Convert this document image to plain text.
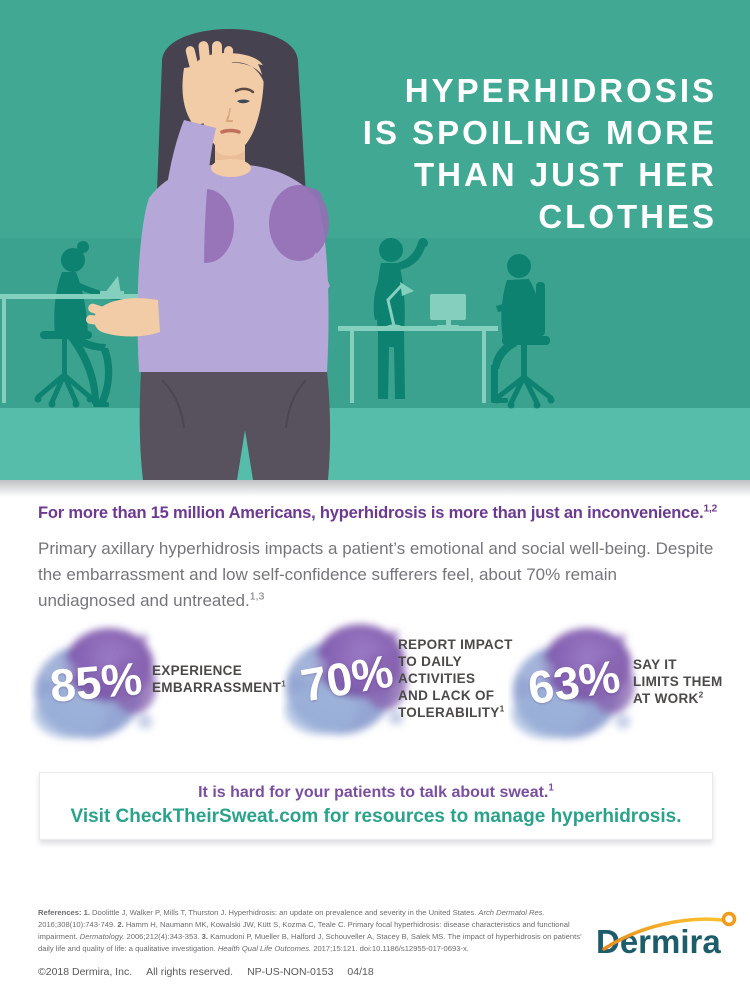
HYPERHIDROSIS
IS SPOILING MORE
THAN JUST HER
CLOTHES
For more than 15 million Americans, hyperhidrosis is more than just an inconvenience.$^{1,2}$
Primary axillary hyperhidrosis impacts a patient’s emotional and social well-being. Despite the embarrassment and low self-confidence sufferers feel, about 70% remain undiagnosed and untreated.$^{1,3}$
85% EXPERIENCE
EMBARRASSMENT$^1$ 70% REPORT IMPACT
TO DAILY
ACTIVITIES
AND LACK OF
TOLERABILITY$^1$ 63% SAY IT
LIMITS THEM
AT WORK$^2$
It is hard for your patients to talk about sweat.$^1$
Visit CheckTheirSweat.com for resources to manage hyperhidrosis.
References: 1. Doolittle J, Walker P, Mills T, Thurston J. Hyperhidrosis: an update on prevalence and severity in the United States. Arch Dermatol Res. 2016;308(10):743-749. 2. Hamm H, Naumann MK, Kowalski JW, Kütt S, Kozma C, Teale C. Primary focal hyperhidrosis: disease characteristics and functional impairment. Dermatology. 2006;212(4):343-353. 3. Kamudoni P, Mueller B, Halford J, Schouveller A, Stacey B, Salek MS. The impact of hyperhidrosis on patients’ daily life and quality of life: a qualitative investigation. Health Qual Life Outcomes. 2017;15:121. doi:10.1186/s12955-017-0693-x.	Dermira
©2018 Dermira, Inc. All rights reserved. NP-US-NON-0153 04/18
